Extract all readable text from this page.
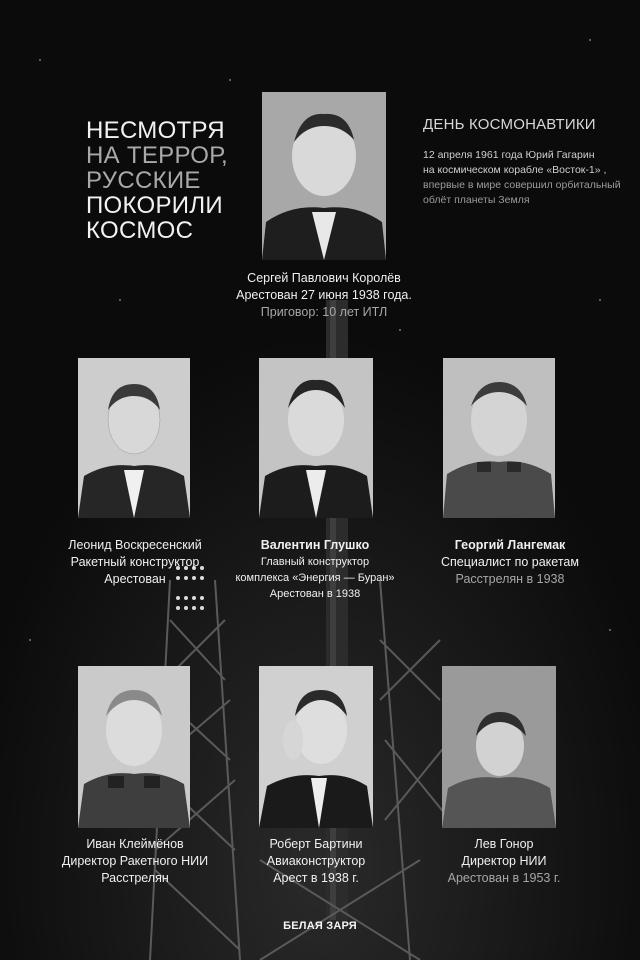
НЕСМОТРЯ
НА ТЕРРОР,
РУССКИЕ
ПОКОРИЛИ
КОСМОС
ДЕНЬ КОСМОНАВТИКИ
12 апреля 1961 года Юрий Гагарин
на космическом корабле «Восток-1» ,
впервые в мире совершил орбитальный
облёт планеты Земля
Сергей Павлович Королёв
Арестован 27 июня 1938 года.
Приговор: 10 лет ИТЛ
Леонид Воскресенский
Ракетный конструктор
Арестован
Валентин Глушко
Главный конструктор
комплекса «Энергия — Буран»
Арестован в 1938
Георгий Лангемак
Специалист по ракетам
Расстрелян в 1938
Иван Клеймёнов
Директор Ракетного НИИ
Расстрелян
Роберт Бартини
Авиаконструктор
Арест в 1938 г.
Лев Гонор
Директор НИИ
Арестован в 1953 г.
БЕЛАЯ ЗАРЯ
